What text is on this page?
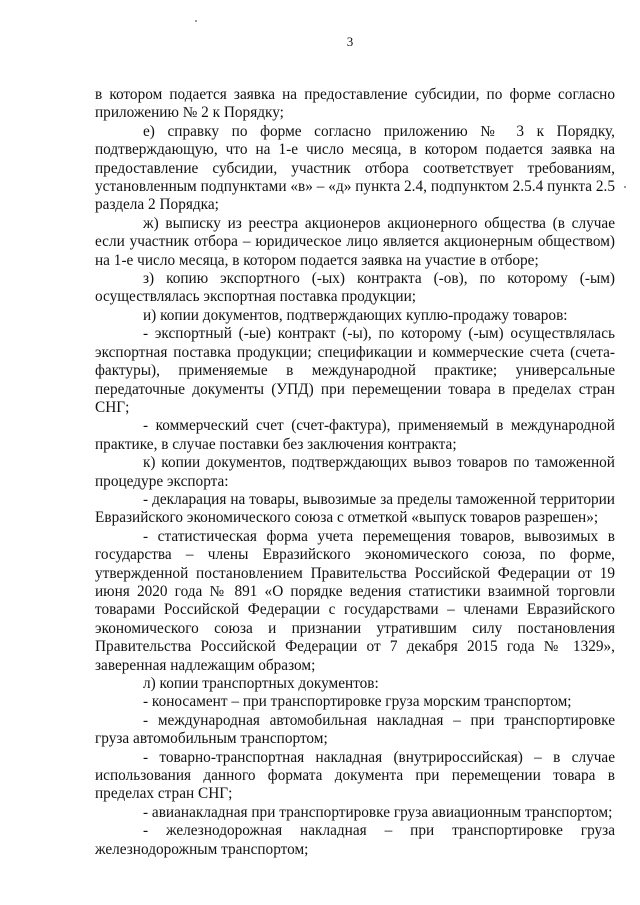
3

в котором подается заявка на предоставление субсидии, по форме согласно приложению № 2 к Порядку;

е) справку по форме согласно приложению № 3 к Порядку, подтверждающую, что на 1-е число месяца, в котором подается заявка на предоставление субсидии, участник отбора соответствует требованиям, установленным подпунктами «в» – «д» пункта 2.4, подпунктом 2.5.4 пункта 2.5 раздела 2 Порядка;

ж) выписку из реестра акционеров акционерного общества (в случае если участник отбора – юридическое лицо является акционерным обществом) на 1-е число месяца, в котором подается заявка на участие в отборе;

з) копию экспортного (-ых) контракта (-ов), по которому (-ым) осуществлялась экспортная поставка продукции;

и) копии документов, подтверждающих куплю-продажу товаров:

- экспортный (-ые) контракт (-ы), по которому (-ым) осуществлялась экспортная поставка продукции; спецификации и коммерческие счета (счета-фактуры), применяемые в международной практике; универсальные передаточные документы (УПД) при перемещении товара в пределах стран СНГ;

- коммерческий счет (счет-фактура), применяемый в международной практике, в случае поставки без заключения контракта;

к) копии документов, подтверждающих вывоз товаров по таможенной процедуре экспорта:

- декларация на товары, вывозимые за пределы таможенной территории Евразийского экономического союза с отметкой «выпуск товаров разрешен»;

- статистическая форма учета перемещения товаров, вывозимых в государства – члены Евразийского экономического союза, по форме, утвержденной постановлением Правительства Российской Федерации от 19 июня 2020 года № 891 «О порядке ведения статистики взаимной торговли товарами Российской Федерации с государствами – членами Евразийского экономического союза и признании утратившим силу постановления Правительства Российской Федерации от 7 декабря 2015 года № 1329», заверенная надлежащим образом;

л) копии транспортных документов:

- коносамент – при транспортировке груза морским транспортом;

- международная автомобильная накладная – при транспортировке груза автомобильным транспортом;

- товарно-транспортная накладная (внутрироссийская) – в случае использования данного формата документа при перемещении товара в пределах стран СНГ;

- авианакладная при транспортировке груза авиационным транспортом;

- железнодорожная накладная – при транспортировке груза железнодорожным транспортом;
